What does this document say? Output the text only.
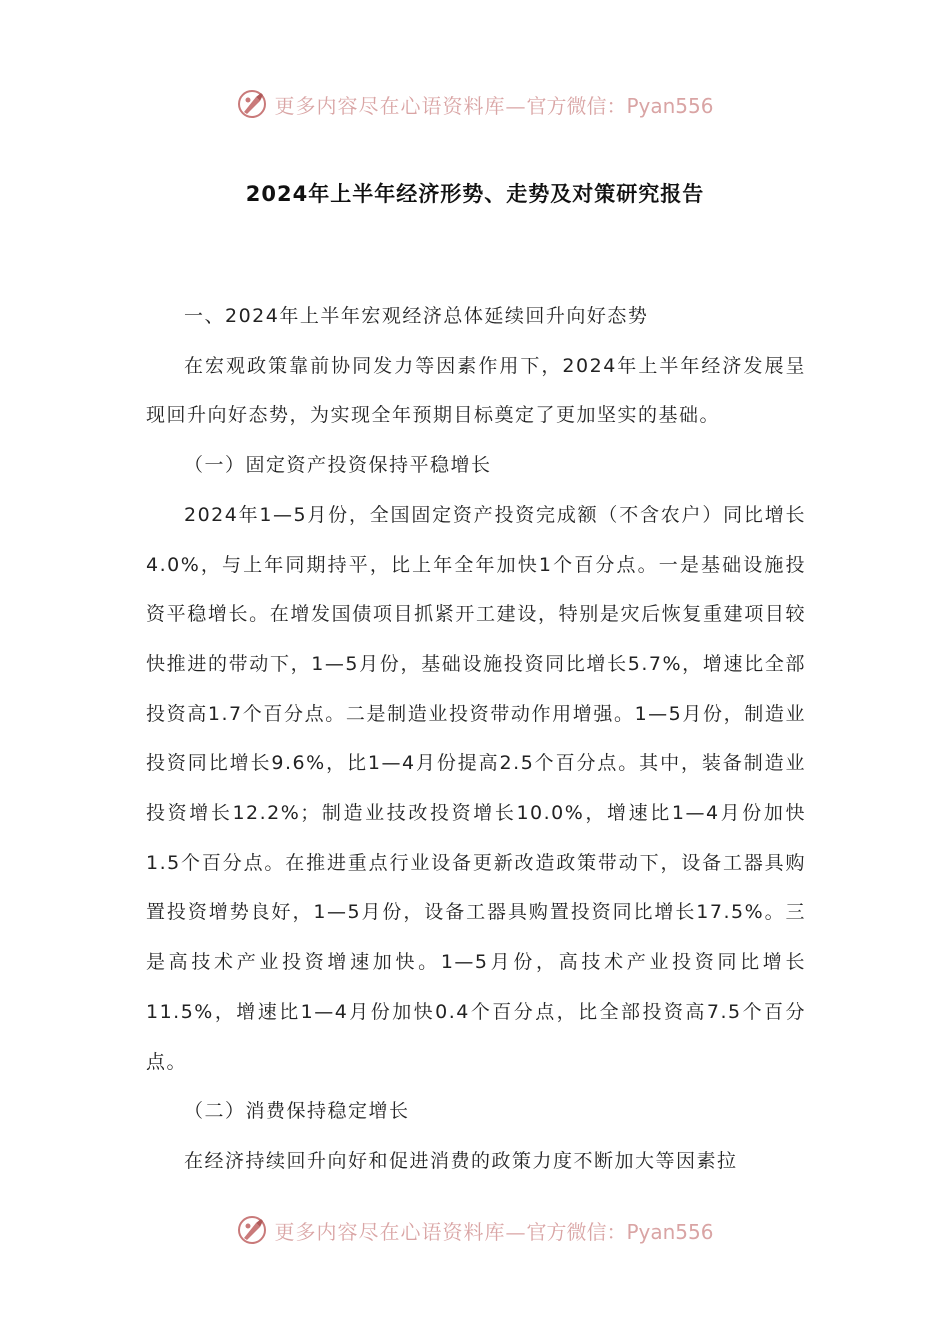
更多内容尽在心语资料库—官方微信：Pyan556
2024年上半年经济形势、走势及对策研究报告

一、2024年上半年宏观经济总体延续回升向好态势

在宏观政策靠前协同发力等因素作用下，2024年上半年经济发展呈现回升向好态势，为实现全年预期目标奠定了更加坚实的基础。

（一）固定资产投资保持平稳增长

2024年1—5月份，全国固定资产投资完成额（不含农户）同比增长4.0%，与上年同期持平，比上年全年加快1个百分点。一是基础设施投资平稳增长。在增发国债项目抓紧开工建设，特别是灾后恢复重建项目较快推进的带动下，1—5月份，基础设施投资同比增长5.7%，增速比全部投资高1.7个百分点。二是制造业投资带动作用增强。1—5月份，制造业投资同比增长9.6%，比1—4月份提高2.5个百分点。其中，装备制造业投资增长12.2%；制造业技改投资增长10.0%，增速比1—4月份加快1.5个百分点。在推进重点行业设备更新改造政策带动下，设备工器具购置投资增势良好，1—5月份，设备工器具购置投资同比增长17.5%。三是高技术产业投资增速加快。1—5月份，高技术产业投资同比增长11.5%，增速比1—4月份加快0.4个百分点，比全部投资高7.5个百分点。

（二）消费保持稳定增长

在经济持续回升向好和促进消费的政策力度不断加大等因素拉

更多内容尽在心语资料库—官方微信：Pyan556
